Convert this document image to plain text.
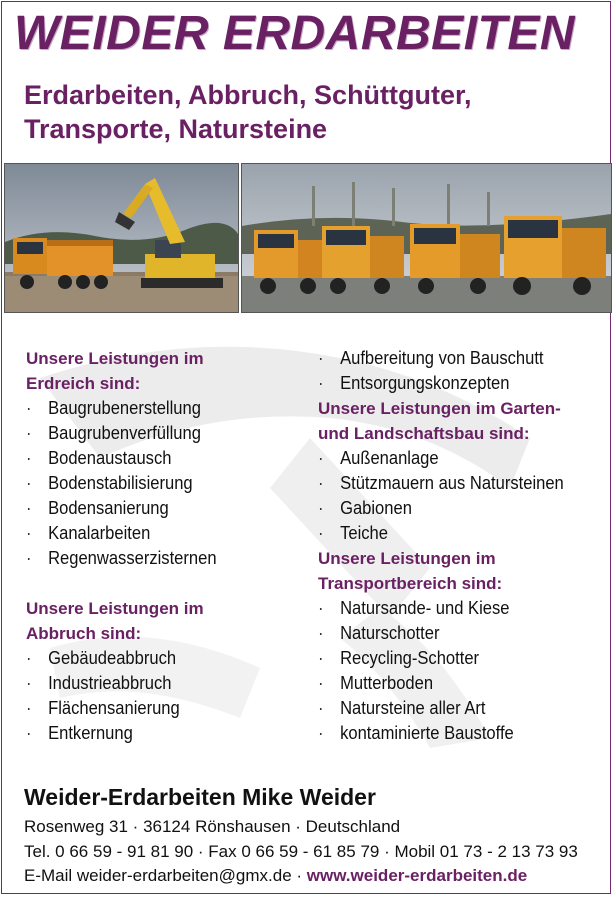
WEIDER ERDARBEITEN
Erdarbeiten, Abbruch, Schüttguter,
Transporte, Natursteine
Unsere Leistungen im
Erdreich sind:
· Baugrubenerstellung
· Baugrubenverfüllung
· Bodenaustausch
· Bodenstabilisierung
· Bodensanierung
· Kanalarbeiten
· Regenwasserzisternen
Unsere Leistungen im
Abbruch sind:
· Gebäudeabbruch
· Industrieabbruch
· Flächensanierung
· Entkernung
· Aufbereitung von Bauschutt
· Entsorgungskonzepten
Unsere Leistungen im Garten-
und Landschaftsbau sind:
· Außenanlage
· Stützmauern aus Natursteinen
· Gabionen
· Teiche
Unsere Leistungen im
Transportbereich sind:
· Natursande- und Kiese
· Naturschotter
· Recycling-Schotter
· Mutterboden
· Natursteine aller Art
· kontaminierte Baustoffe
Weider-Erdarbeiten Mike Weider
Rosenweg 31 · 36124 Rönshausen · Deutschland
Tel. 0 66 59 - 91 81 90 · Fax 0 66 59 - 61 85 79 · Mobil 01 73 - 2 13 73 93
E-Mail weider-erdarbeiten@gmx.de · www.weider-erdarbeiten.de
